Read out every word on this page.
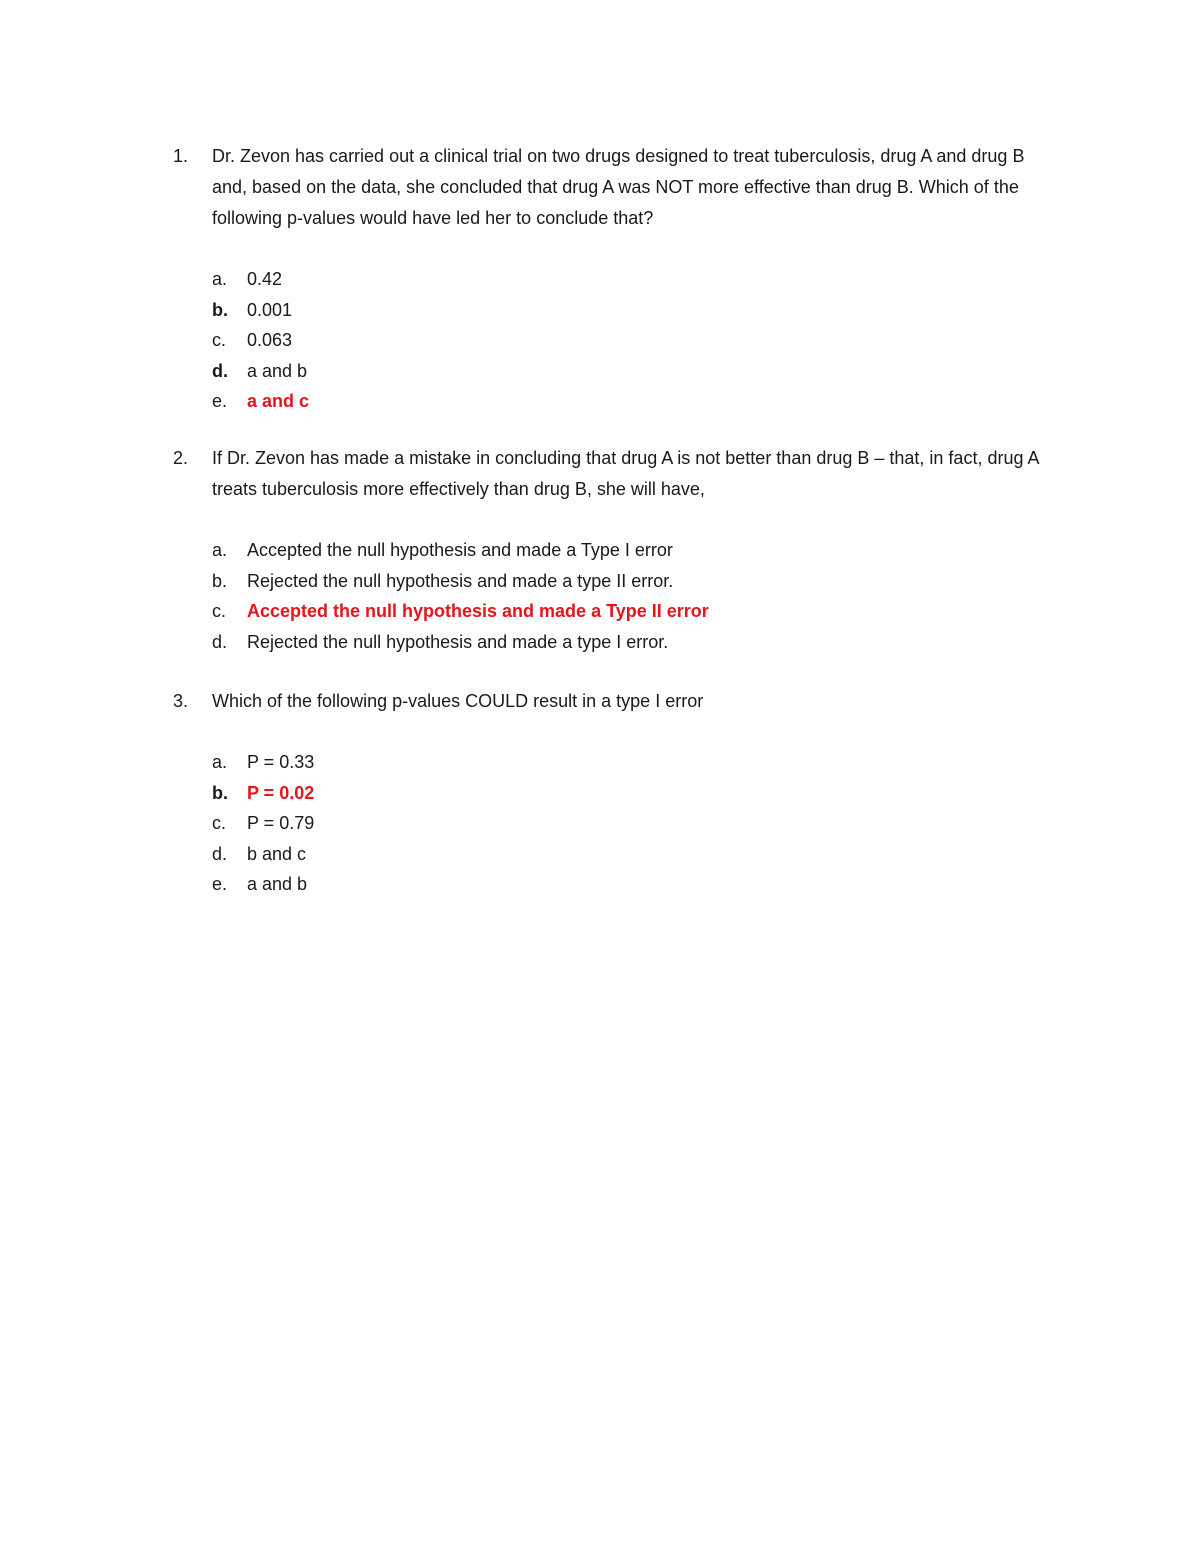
1. Dr. Zevon has carried out a clinical trial on two drugs designed to treat tuberculosis, drug A and drug B and, based on the data, she concluded that drug A was NOT more effective than drug B. Which of the following p-values would have led her to conclude that?
a. 0.42
b. 0.001
c. 0.063
d. a and b
e. a and c
2. If Dr. Zevon has made a mistake in concluding that drug A is not better than drug B – that, in fact, drug A treats tuberculosis more effectively than drug B, she will have,
a. Accepted the null hypothesis and made a Type I error
b. Rejected the null hypothesis and made a type II error.
c. Accepted the null hypothesis and made a Type II error
d. Rejected the null hypothesis and made a type I error.
3. Which of the following p-values COULD result in a type I error
a. P = 0.33
b. P = 0.02
c. P = 0.79
d. b and c
e. a and b
